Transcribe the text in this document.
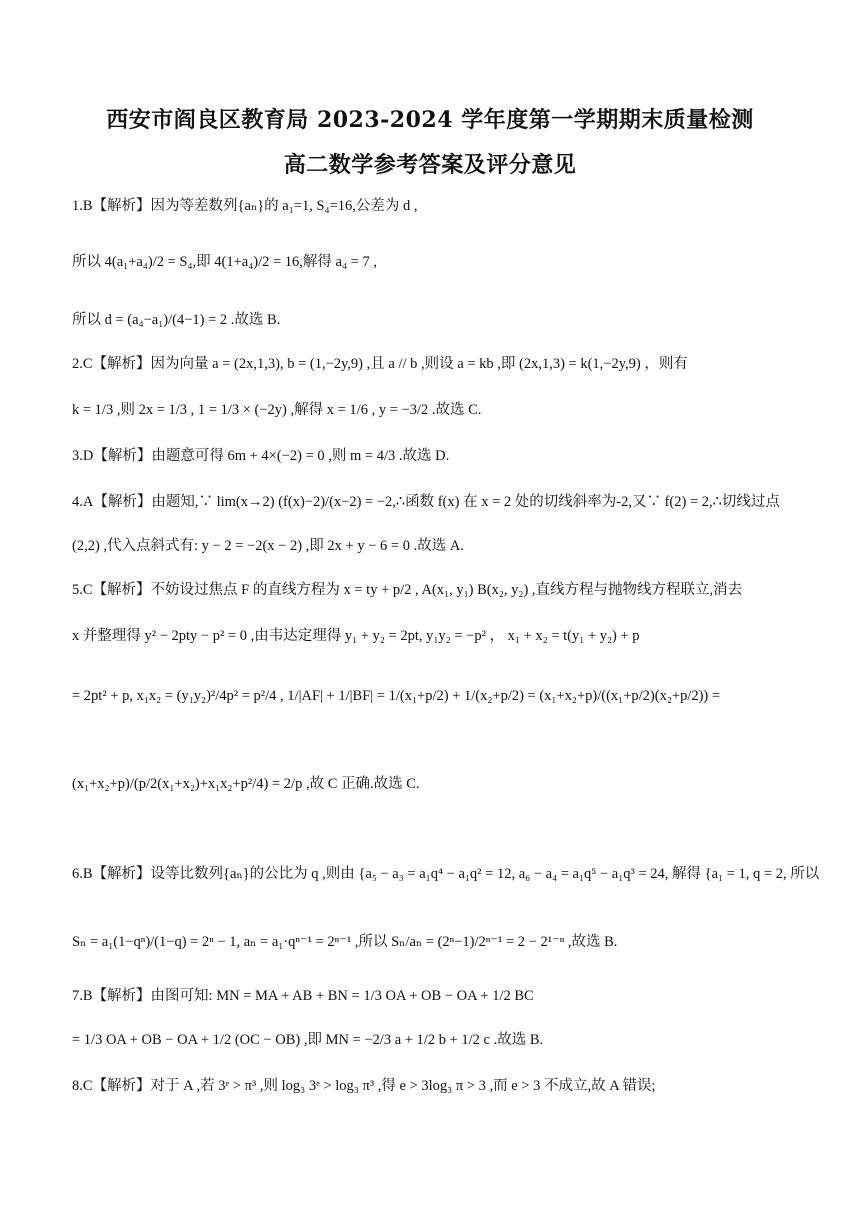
西安市阎良区教育局 2023-2024 学年度第一学期期末质量检测
高二数学参考答案及评分意见
1.B【解析】因为等差数列{aₙ}的 a₁=1, S₄=16,公差为 d ,
所以 4(a₁+a₄)/2 = S₄,即 4(1+a₄)/2 = 16,解得 a₄ = 7 ,
所以 d = (a₄−a₁)/(4−1) = 2 .故选 B.
2.C【解析】因为向量 a = (2x,1,3), b = (1,−2y,9) ,且 a // b ,则设 a = kb ,即 (2x,1,3) = k(1,−2y,9) ，则有
k = 1/3 ,则 2x = 1/3 , 1 = 1/3 × (−2y) ,解得 x = 1/6 , y = −3/2 .故选 C.
3.D【解析】由题意可得 6m + 4×(−2) = 0 ,则 m = 4/3 .故选 D.
4.A【解析】由题知,∵ lim(x→2) (f(x)−2)/(x−2) = −2,∴函数 f(x) 在 x = 2 处的切线斜率为-2,又∵ f(2) = 2,∴切线过点
(2,2) ,代入点斜式有: y − 2 = −2(x − 2) ,即 2x + y − 6 = 0 .故选 A.
5.C【解析】不妨设过焦点 F 的直线方程为 x = ty + p/2 , A(x₁, y₁) B(x₂, y₂) ,直线方程与抛物线方程联立,消去
x 并整理得 y² − 2pty − p² = 0 ,由韦达定理得 y₁ + y₂ = 2pt, y₁y₂ = −p² ， x₁ + x₂ = t(y₁ + y₂) + p
= 2pt² + p, x₁x₂ = (y₁y₂)²/4p² = p²/4 , 1/|AF| + 1/|BF| = 1/(x₁+p/2) + 1/(x₂+p/2) = (x₁+x₂+p)/((x₁+p/2)(x₂+p/2)) =
(x₁+x₂+p)/(p/2(x₁+x₂)+x₁x₂+p²/4) = 2/p ,故 C 正确.故选 C.
6.B【解析】设等比数列{aₙ}的公比为 q ,则由 {a₅ − a₃ = a₁q⁴ − a₁q² = 12, a₆ − a₄ = a₁q⁵ − a₁q³ = 24, 解得 {a₁ = 1, q = 2, 所以
Sₙ = a₁(1−qⁿ)/(1−q) = 2ⁿ − 1, aₙ = a₁·qⁿ⁻¹ = 2ⁿ⁻¹ ,所以 Sₙ/aₙ = (2ⁿ−1)/2ⁿ⁻¹ = 2 − 2¹⁻ⁿ ,故选 B.
7.B【解析】由图可知: MN = MA + AB + BN = 1/3 OA + OB − OA + 1/2 BC
= 1/3 OA + OB − OA + 1/2 (OC − OB) ,即 MN = −2/3 a + 1/2 b + 1/2 c .故选 B.
8.C【解析】对于 A ,若 3ᵉ > π³ ,则 log₃ 3ᵉ > log₃ π³ ,得 e > 3log₃ π > 3 ,而 e > 3 不成立,故 A 错误;
